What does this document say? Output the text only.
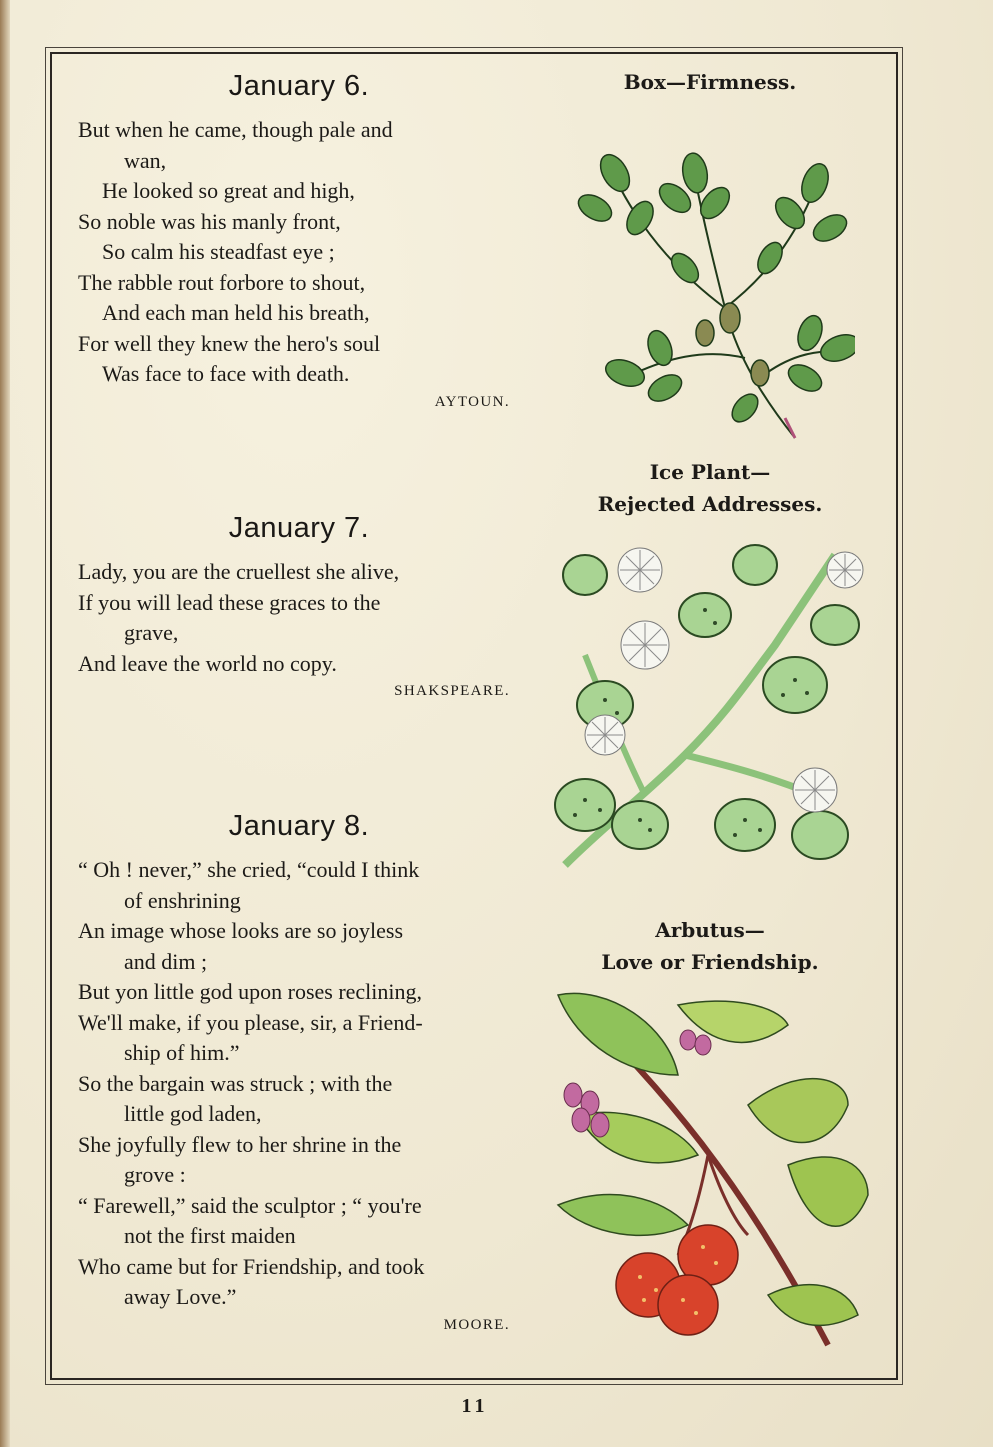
January 6.
But when he came, though pale and
wan,
He looked so great and high,
So noble was his manly front,
So calm his steadfast eye ;
The rabble rout forbore to shout,
And each man held his breath,
For well they knew the hero's soul
Was face to face with death.
AYTOUN.
January 7.
Lady, you are the cruellest she alive,
If you will lead these graces to the
grave,
And leave the world no copy.
SHAKSPEARE.
January 8.
“ Oh ! never,” she cried, “could I think
of enshrining
An image whose looks are so joyless
and dim ;
But yon little god upon roses reclining,
We'll make, if you please, sir, a Friend-
ship of him.”
So the bargain was struck ; with the
little god laden,
She joyfully flew to her shrine in the
grove :
“ Farewell,” said the sculptor ; “ you're
not the first maiden
Who came but for Friendship, and took
away Love.”
MOORE.
Box—Firmness.
Ice Plant—
Rejected Addresses.
Arbutus—
Love or Friendship.
11
